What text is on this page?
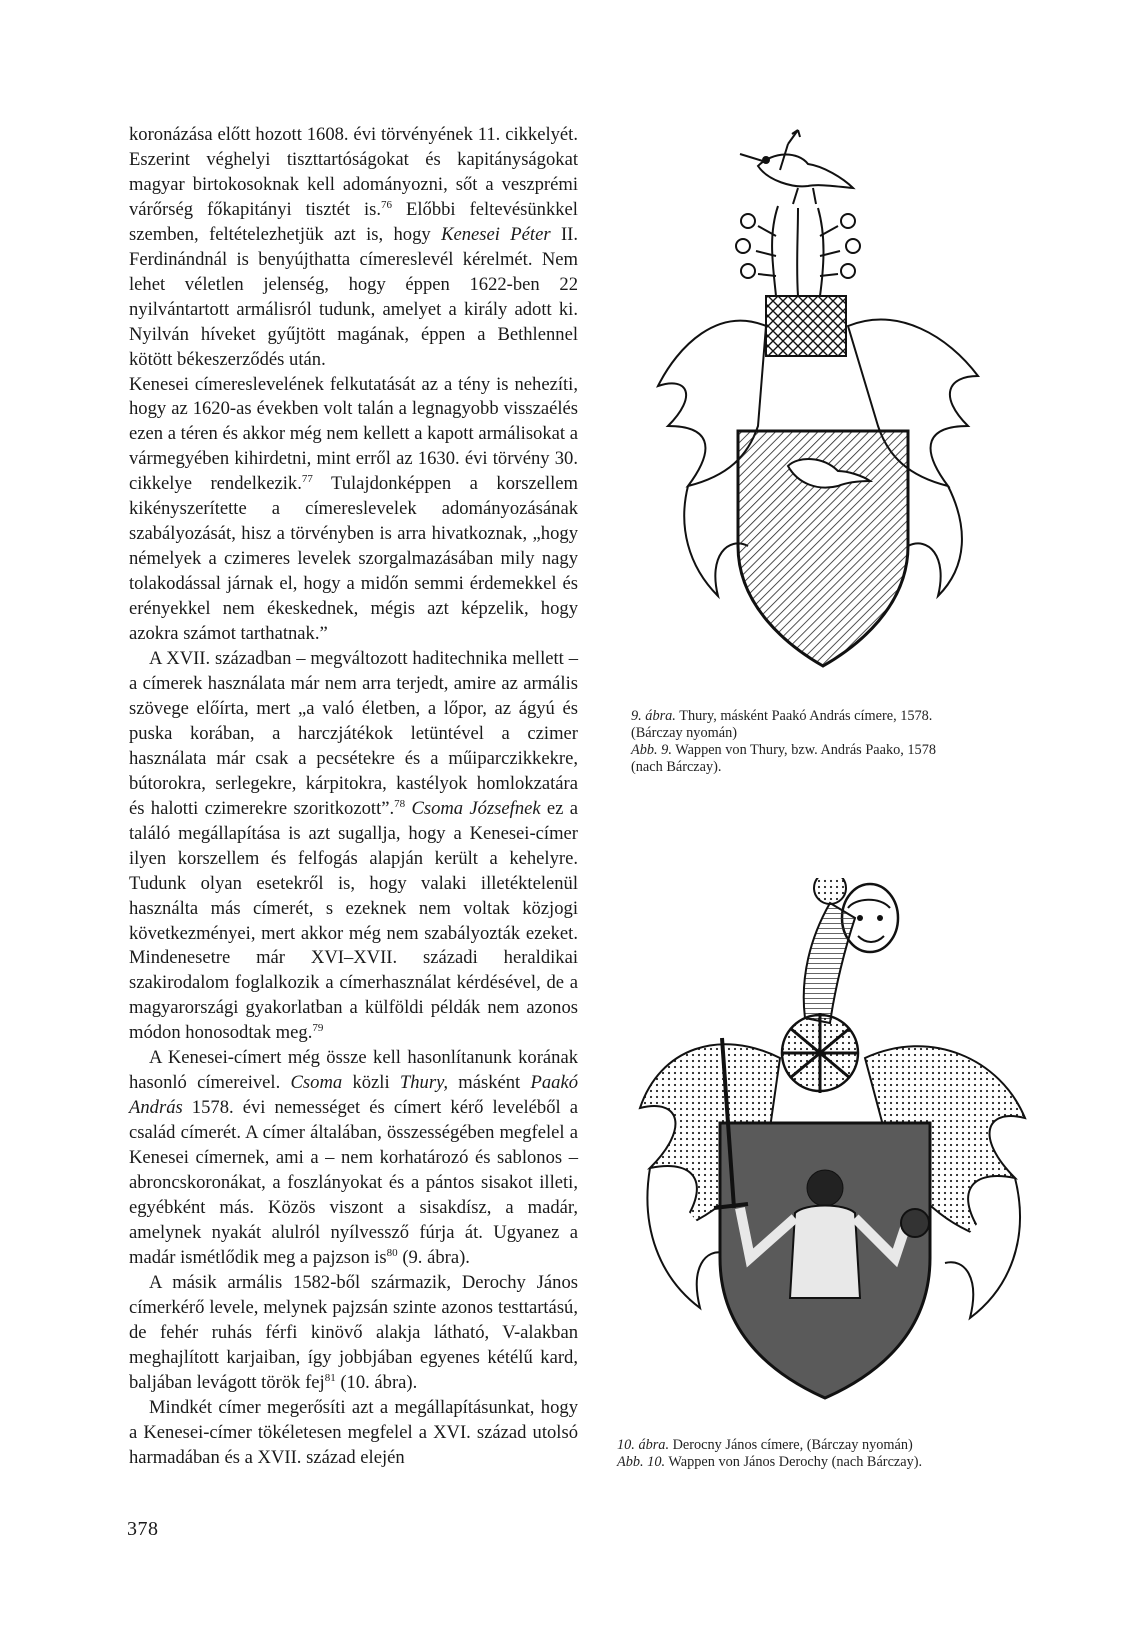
koronázása előtt hozott 1608. évi törvényének 11. cikkelyét. Eszerint véghelyi tiszttartóságokat és kapitányságokat magyar birtokosoknak kell adományozni, sőt a veszprémi várőrség főkapitányi tisztét is.$^{76}$ Előbbi feltevésünkkel szemben, feltételezhetjük azt is, hogy Kenesei Péter II. Ferdinándnál is benyújthatta címereslevél kérelmét. Nem lehet véletlen jelenség, hogy éppen 1622-ben 22 nyilvántartott armálisról tudunk, amelyet a király adott ki. Nyilván híveket gyűjtött magának, éppen a Bethlennel kötött békeszerződés után.

Kenesei címereslevelének felkutatását az a tény is nehezíti, hogy az 1620-as években volt talán a legnagyobb visszaélés ezen a téren és akkor még nem kellett a kapott armálisokat a vármegyében kihirdetni, mint erről az 1630. évi törvény 30. cikkelye rendelkezik.$^{77}$ Tulajdonképpen a korszellem kikényszerítette a címereslevelek adományozásának szabályozását, hisz a törvényben is arra hivatkoznak, „hogy némelyek a czimeres levelek szorgalmazásában mily nagy tolakodással járnak el, hogy a midőn semmi érdemekkel és erényekkel nem ékeskednek, mégis azt képzelik, hogy azokra számot tarthatnak.”

A XVII. században – megváltozott haditechnika mellett – a címerek használata már nem arra terjedt, amire az armális szövege előírta, mert „a való életben, a lőpor, az ágyú és puska korában, a harczjátékok letüntével a czimer használata már csak a pecsétekre és a műiparczikkekre, bútorokra, serlegekre, kárpitokra, kastélyok homlokzatára és halotti czimerekre szoritkozott”.$^{78}$ Csoma Józsefnek ez a találó megállapítása is azt sugallja, hogy a Kenesei-címer ilyen korszellem és felfogás alapján került a kehelyre. Tudunk olyan esetekről is, hogy valaki illetéktelenül használta más címerét, s ezeknek nem voltak közjogi következményei, mert akkor még nem szabályozták ezeket. Mindenesetre már XVI–XVII. századi heraldikai szakirodalom foglalkozik a címerhasználat kérdésével, de a magyarországi gyakorlatban a külföldi példák nem azonos módon honosodtak meg.$^{79}$

A Kenesei-címert még össze kell hasonlítanunk korának hasonló címereivel. Csoma közli Thury, másként Paakó András 1578. évi nemességet és címert kérő leveléből a család címerét. A címer általában, összességében megfelel a Kenesei címernek, ami a – nem korhatározó és sablonos – abroncskoronákat, a foszlányokat és a pántos sisakot illeti, egyébként más. Közös viszont a sisakdísz, a madár, amelynek nyakát alulról nyílvessző fúrja át. Ugyanez a madár ismétlődik meg a pajzson $is^{80}$ (9. ábra).

A másik armális 1582-ből származik, Derochy János címerkérő levele, melynek pajzsán szinte azonos testtartású, de fehér ruhás férfi kinövő alakja látható, V-alakban meghajlított karjaiban, így jobbjában egyenes kétélű kard, baljában levágott török fej$^{81}$ (10. ábra).

Mindkét címer megerősíti azt a megállapításunkat, hogy a Kenesei-címer tökéletesen megfelel a XVI. század utolsó harmadában és a XVII. század elején

9. ábra. Thury, másként Paakó András címere, 1578.
(Bárczay nyomán)
Abb. 9. Wappen von Thury, bzw. András Paako, 1578
(nach Bárczay).
10. ábra. Derocny János címere, (Bárczay nyomán)
Abb. 10. Wappen von János Derochy (nach Bárczay).
378
